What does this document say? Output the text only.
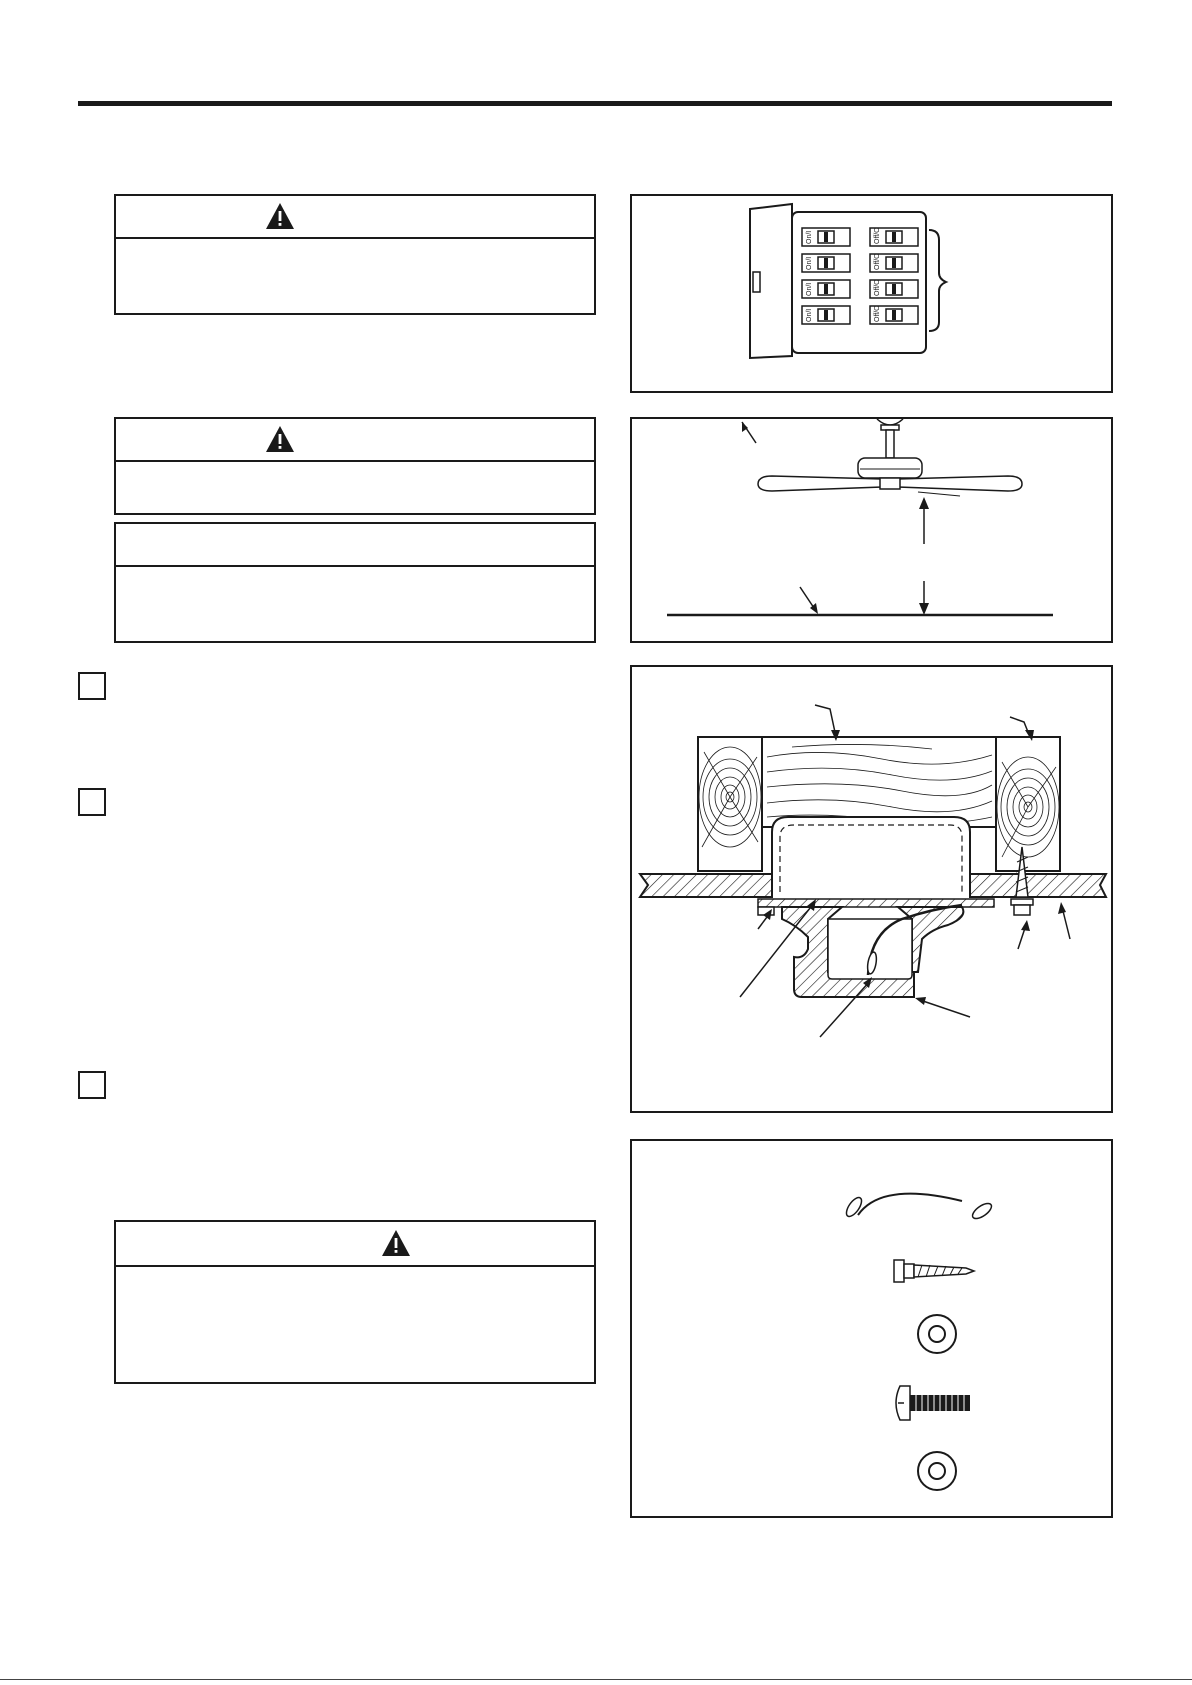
On/I	Off/O
On/I	Off/O
On/I	Off/O
On/I	Off/O
